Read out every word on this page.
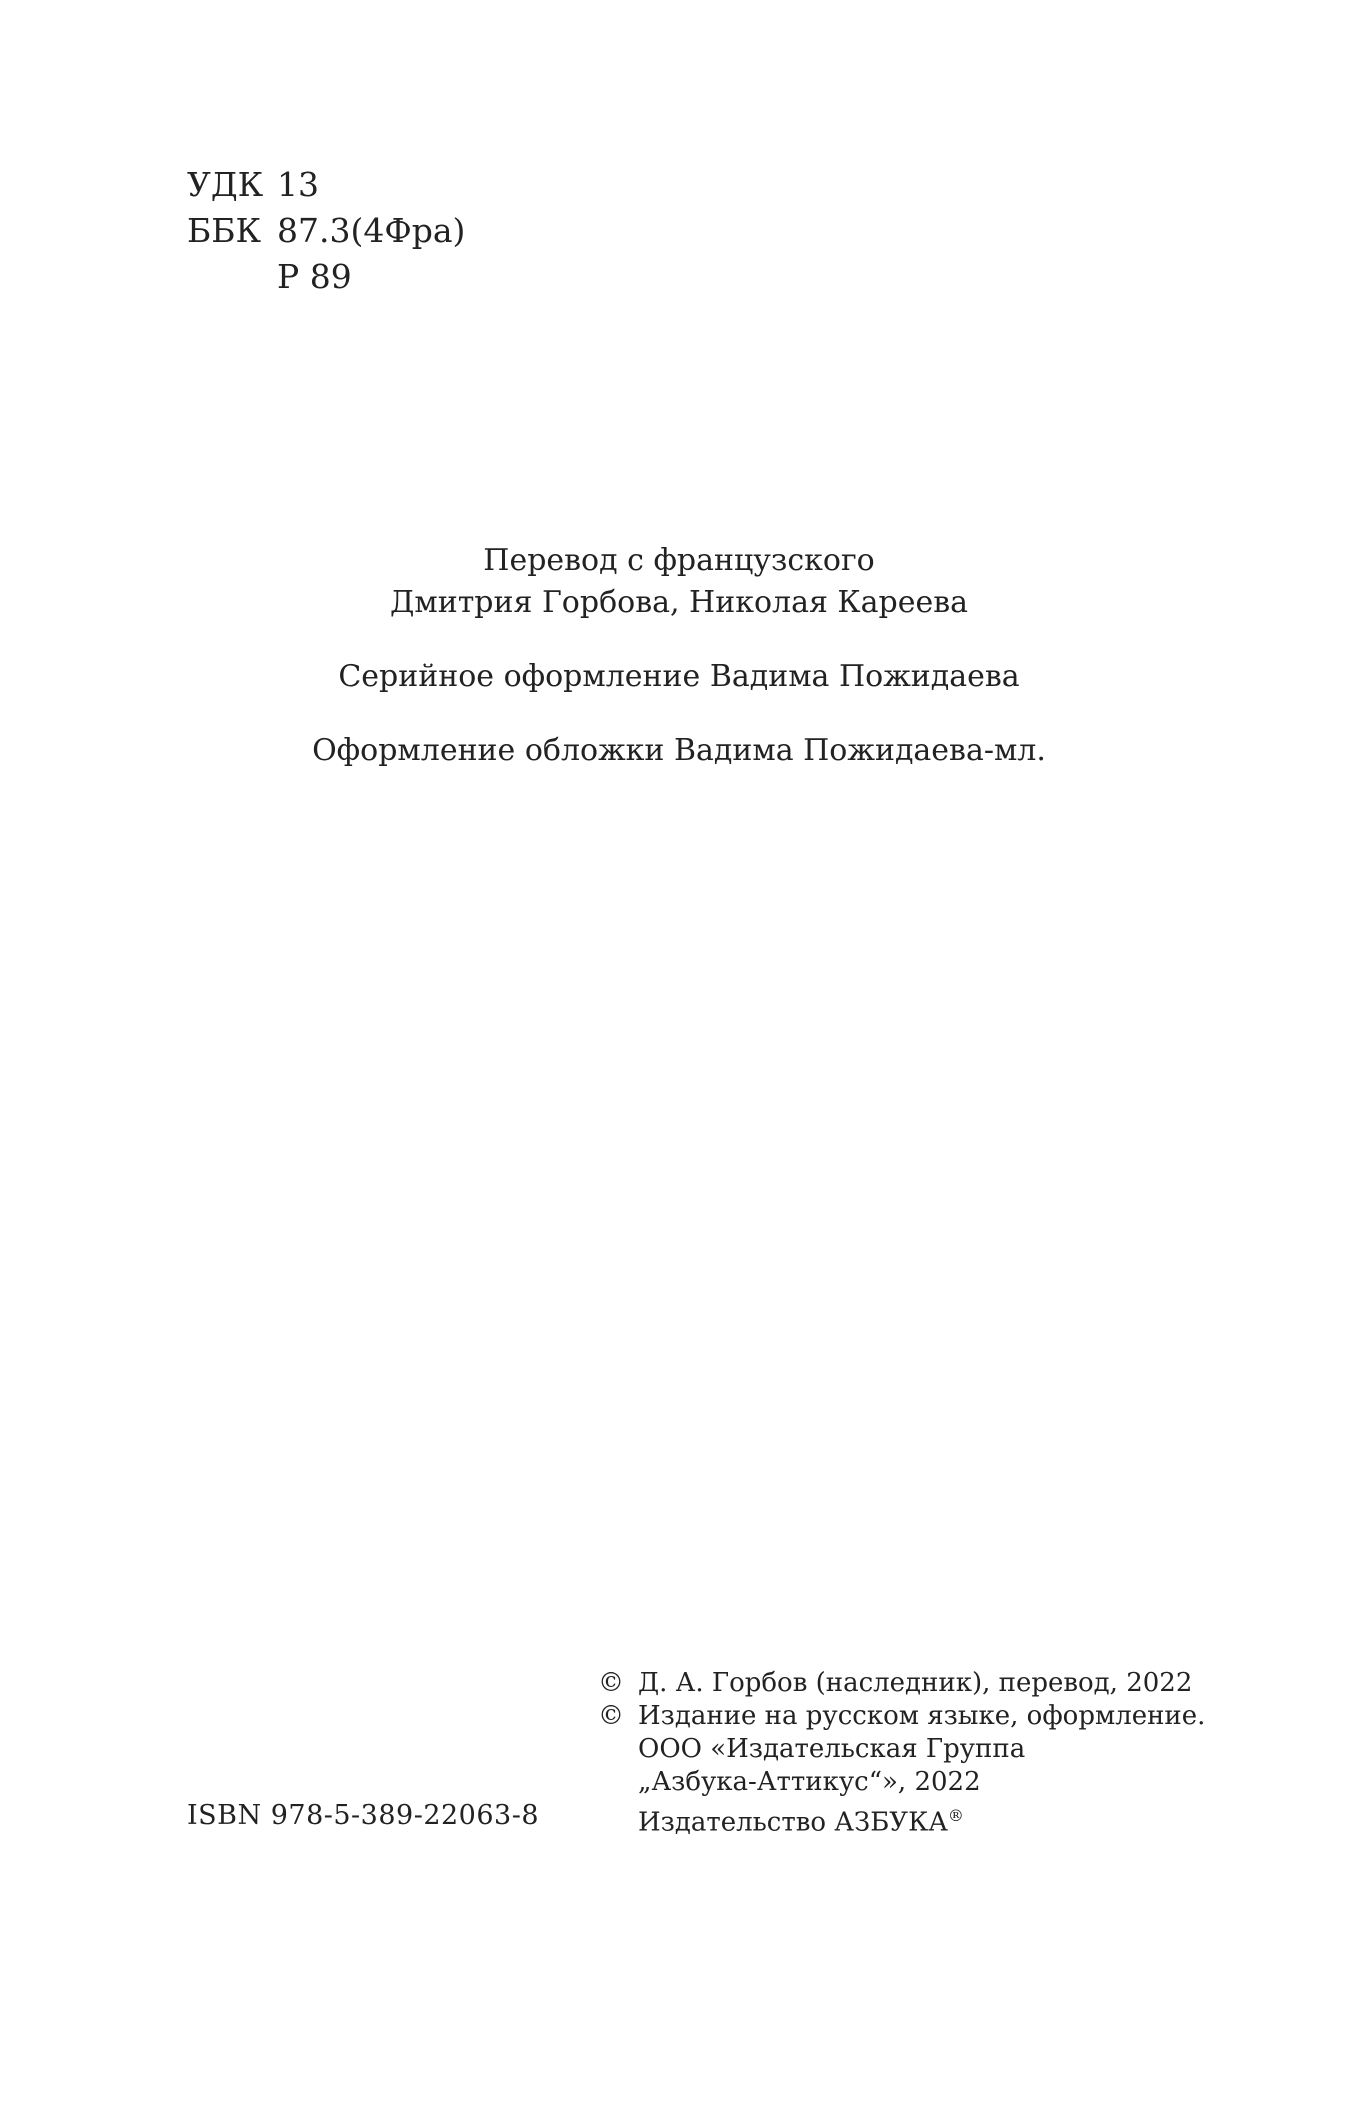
УДК 13
ББК 87.3(4Фра)
Р 89
Перевод с французского
Дмитрия Горбова, Николая Кареева
Серийное оформление Вадима Пожидаева
Оформление обложки Вадима Пожидаева-мл.
© Д. А. Горбов (наследник), перевод, 2022
© Издание на русском языке, оформление.
ООО «Издательская Группа
„Азбука-Аттикус“», 2022
Издательство АЗБУКА®
ISBN 978-5-389-22063-8
